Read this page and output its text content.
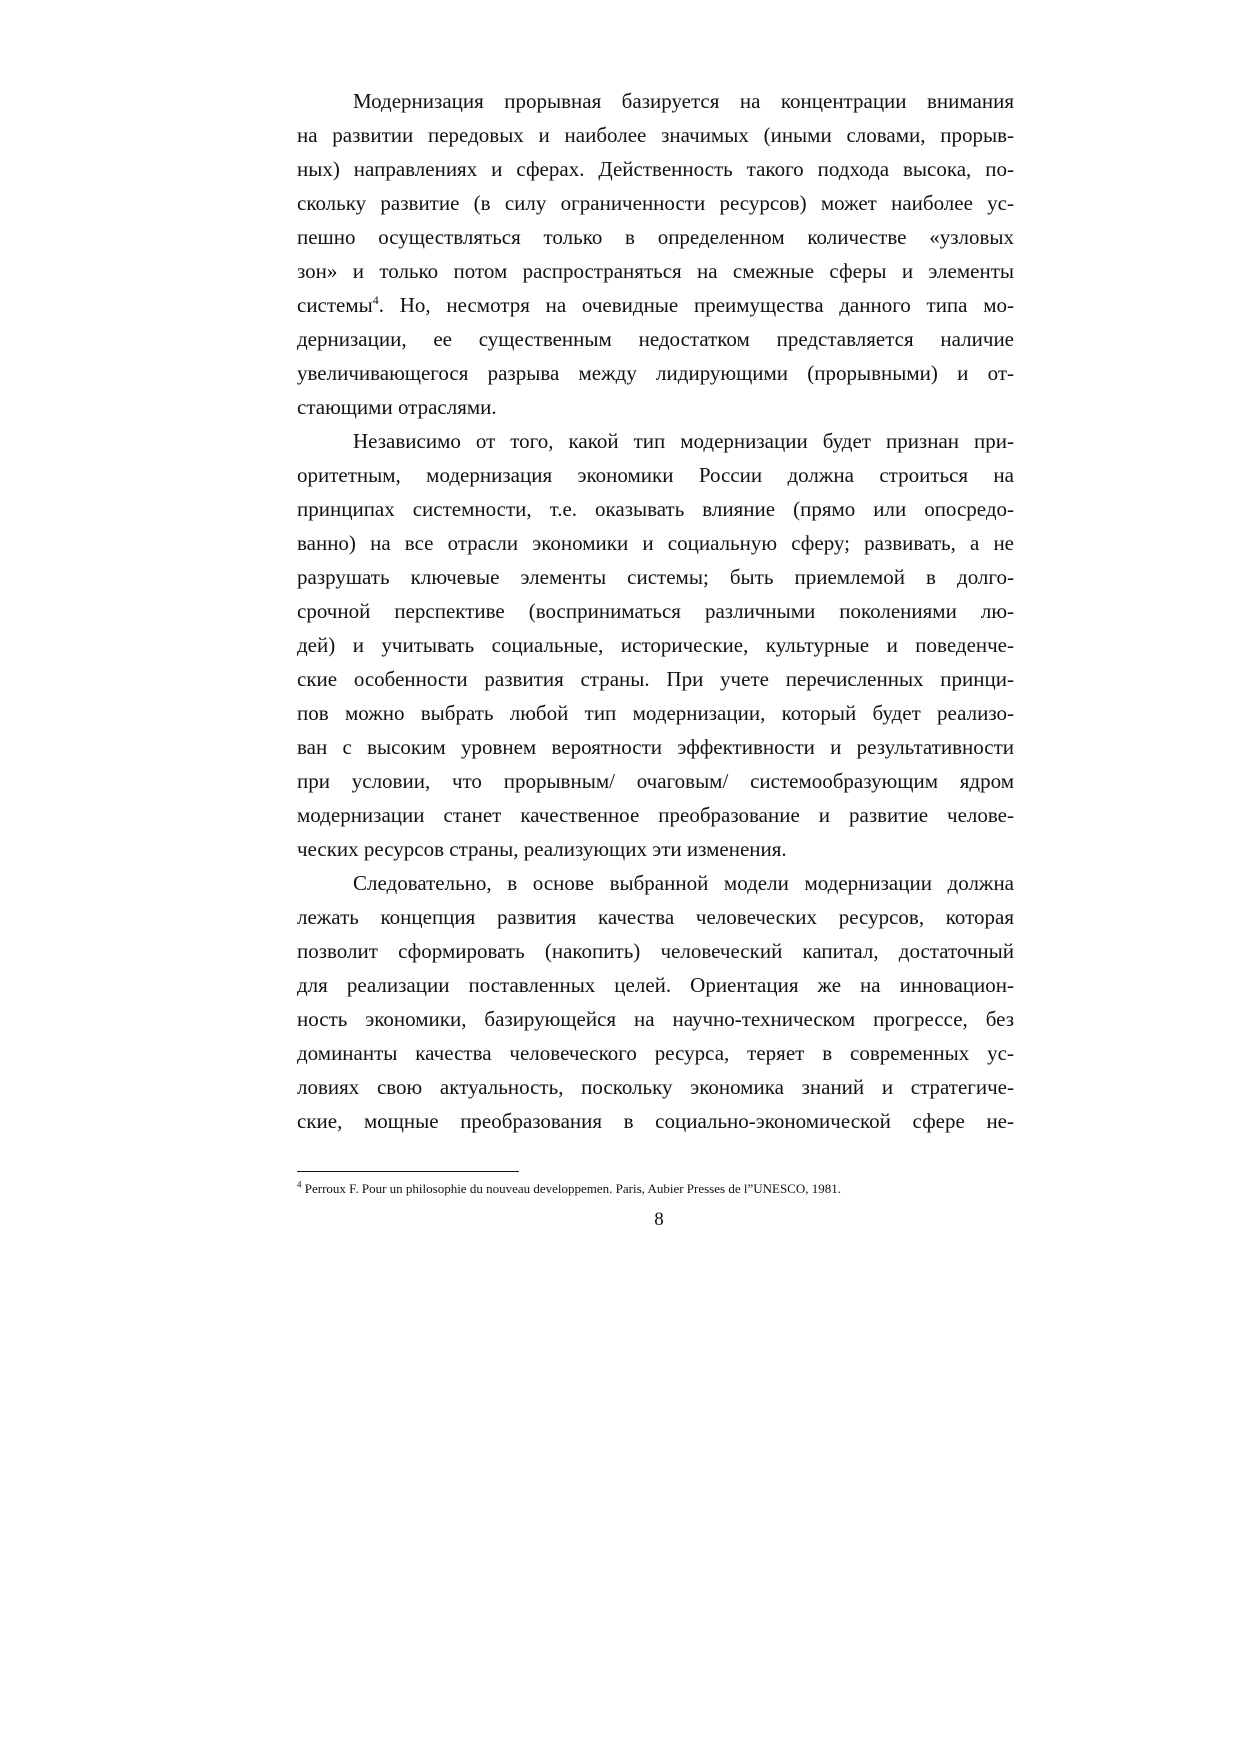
Модернизация прорывная базируется на концентрации внимания
на развитии передовых и наиболее значимых (иными словами, прорыв-
ных) направлениях и сферах. Действенность такого подхода высока, по-
скольку развитие (в силу ограниченности ресурсов) может наиболее ус-
пешно осуществляться только в определенном количестве «узловых
зон» и только потом распространяться на смежные сферы и элементы
системы$^4$. Но, несмотря на очевидные преимущества данного типа мо-
дернизации, ее существенным недостатком представляется наличие
увеличивающегося разрыва между лидирующими (прорывными) и от-
стающими отраслями.

Независимо от того, какой тип модернизации будет признан при-
оритетным, модернизация экономики России должна строиться на
принципах системности, т.е. оказывать влияние (прямо или опосредо-
ванно) на все отрасли экономики и социальную сферу; развивать, а не
разрушать ключевые элементы системы; быть приемлемой в долго-
срочной перспективе (восприниматься различными поколениями лю-
дей) и учитывать социальные, исторические, культурные и поведенче-
ские особенности развития страны. При учете перечисленных принци-
пов можно выбрать любой тип модернизации, который будет реализо-
ван с высоким уровнем вероятности эффективности и результативности
при условии, что прорывным/ очаговым/ системообразующим ядром
модернизации станет качественное преобразование и развитие челове-
ческих ресурсов страны, реализующих эти изменения.

Следовательно, в основе выбранной модели модернизации должна
лежать концепция развития качества человеческих ресурсов, которая
позволит сформировать (накопить) человеческий капитал, достаточный
для реализации поставленных целей. Ориентация же на инновацион-
ность экономики, базирующейся на научно-техническом прогрессе, без
доминанты качества человеческого ресурса, теряет в современных ус-
ловиях свою актуальность, поскольку экономика знаний и стратегиче-
ские, мощные преобразования в социально-экономической сфере не-

$^4$ Perroux F. Pour un philosophie du nouveau developpemen. Paris, Aubier Presses de l”UNESCO, 1981.
8
